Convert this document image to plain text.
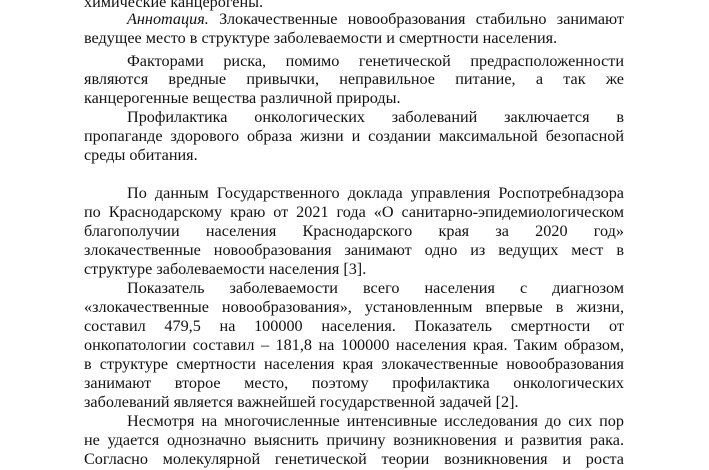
химические канцерогены.
Аннотация. Злокачественные новообразования стабильно занимают
ведущее место в структуре заболеваемости и смертности населения.
Факторами риска, помимо генетической предрасположенности
являются вредные привычки, неправильное питание, а так же
канцерогенные вещества различной природы.
Профилактика онкологических заболеваний заключается в
пропаганде здорового образа жизни и создании максимальной безопасной
среды обитания.
По данным Государственного доклада управления Роспотребнадзора
по Краснодарскому краю от 2021 года «О санитарно-эпидемиологическом
благополучии населения Краснодарского края за 2020 год»
злокачественные новообразования занимают одно из ведущих мест в
структуре заболеваемости населения [3].
Показатель заболеваемости всего населения с диагнозом
«злокачественные новообразования», установленным впервые в жизни,
составил 479,5 на 100000 населения. Показатель смертности от
онкопатологии составил – 181,8 на 100000 населения края. Таким образом,
в структуре смертности населения края злокачественные новообразования
занимают второе место, поэтому профилактика онкологических
заболеваний является важнейшей государственной задачей [2].
Несмотря на многочисленные интенсивные исследования до сих пор
не удается однозначно выяснить причину возникновения и развития рака.
Согласно молекулярной генетической теории возникновения и роста
